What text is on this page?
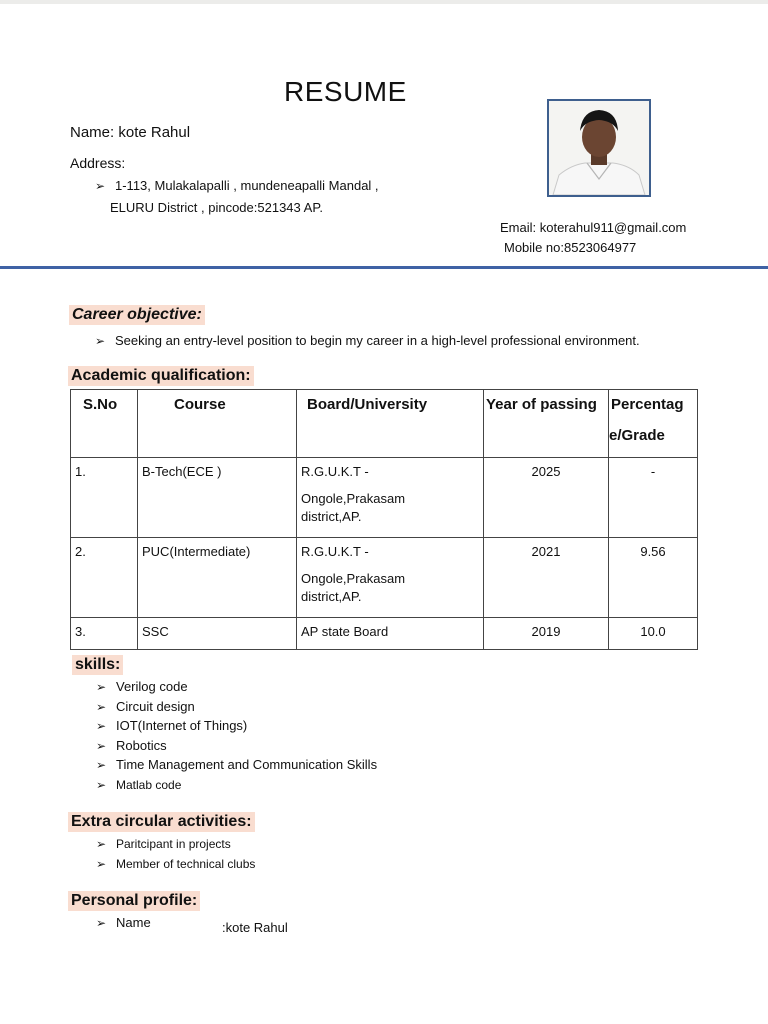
RESUME
Name: kote Rahul
Address:
➢ 1-113, Mulakalapalli , mundeneapalli Mandal ,
ELURU District , pincode:521343 AP.
Email: koterahul911@gmail.com
Mobile no:8523064977
Career objective:
➢ Seeking an entry-level position to begin my career in a high-level professional environment.
Academic qualification:
S.No	Course	Board/University	Year of passing	Percentag
e/Grade

1.	B-Tech(ECE )	R.G.U.K.T -
Ongole,Prakasam
district,AP.	2025	-

2.	PUC(Intermediate)	R.G.U.K.T -
Ongole,Prakasam
district,AP.	2021	9.56

3.	SSC	AP state Board	2019	10.0
skills:
➢ Verilog code
➢ Circuit design
➢ IOT(Internet of Things)
➢ Robotics
➢ Time Management and Communication Skills
➢ Matlab code
Extra circular activities:
➢ Paritcipant in projects
➢ Member of technical clubs
Personal profile:
➢ Name	:kote Rahul
